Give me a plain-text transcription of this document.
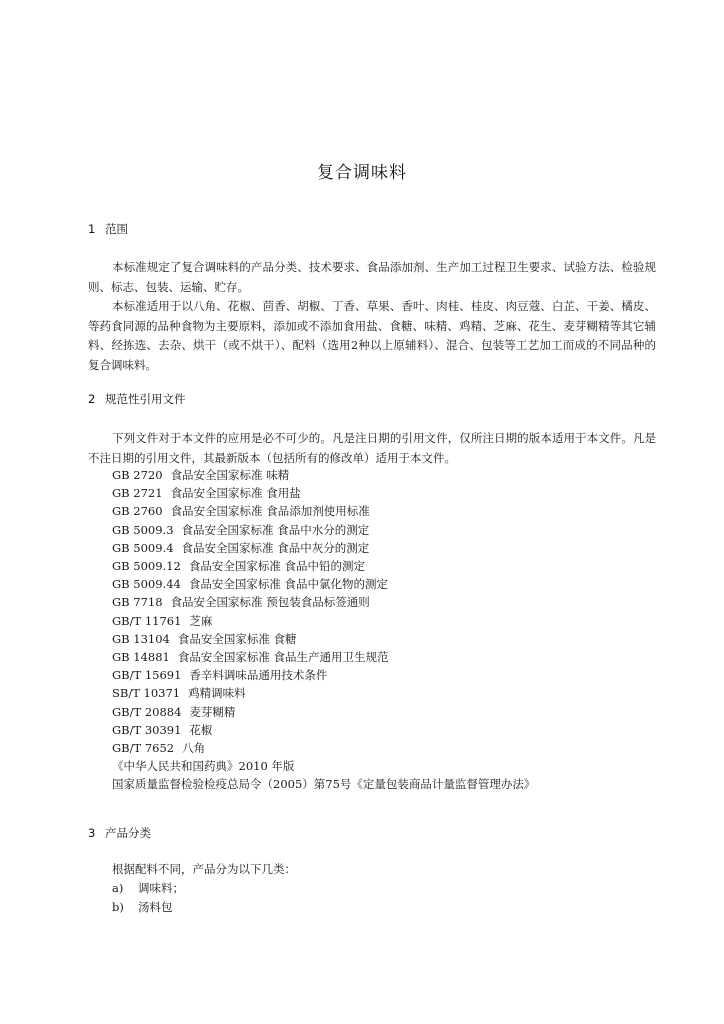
复合调味料
1 范围

本标准规定了复合调味料的产品分类、技术要求、食品添加剂、生产加工过程卫生要求、试验方法、检验规则、标志、包装、运输、贮存。

本标准适用于以八角、花椒、茴香、胡椒、丁香、草果、香叶、肉桂、桂皮、肉豆蔻、白芷、干姜、橘皮、等药食同源的品种食物为主要原料，添加或不添加食用盐、食糖、味精、鸡精、芝麻、花生、麦芽糊精等其它辅料、经拣选、去杂、烘干（或不烘干）、配料（选用2种以上原辅料）、混合、包装等工艺加工而成的不同品种的复合调味料。

2 规范性引用文件

下列文件对于本文件的应用是必不可少的。凡是注日期的引用文件，仅所注日期的版本适用于本文件。凡是不注日期的引用文件，其最新版本（包括所有的修改单）适用于本文件。

GB 2720 食品安全国家标准 味精
GB 2721 食品安全国家标准 食用盐
GB 2760 食品安全国家标准 食品添加剂使用标准
GB 5009.3 食品安全国家标准 食品中水分的测定
GB 5009.4 食品安全国家标准 食品中灰分的测定
GB 5009.12 食品安全国家标准 食品中铅的测定
GB 5009.44 食品安全国家标准 食品中氯化物的测定
GB 7718 食品安全国家标准 预包装食品标签通则
GB/T 11761 芝麻
GB 13104 食品安全国家标准 食糖
GB 14881 食品安全国家标准 食品生产通用卫生规范
GB/T 15691 香辛料调味品通用技术条件
SB/T 10371 鸡精调味料
GB/T 20884 麦芽糊精
GB/T 30391 花椒
GB/T 7652 八角
《中华人民共和国药典》2010 年版
国家质量监督检验检疫总局令（2005）第75号《定量包装商品计量监督管理办法》
3 产品分类
根据配料不同，产品分为以下几类：
a) 调味料；
b) 汤料包
